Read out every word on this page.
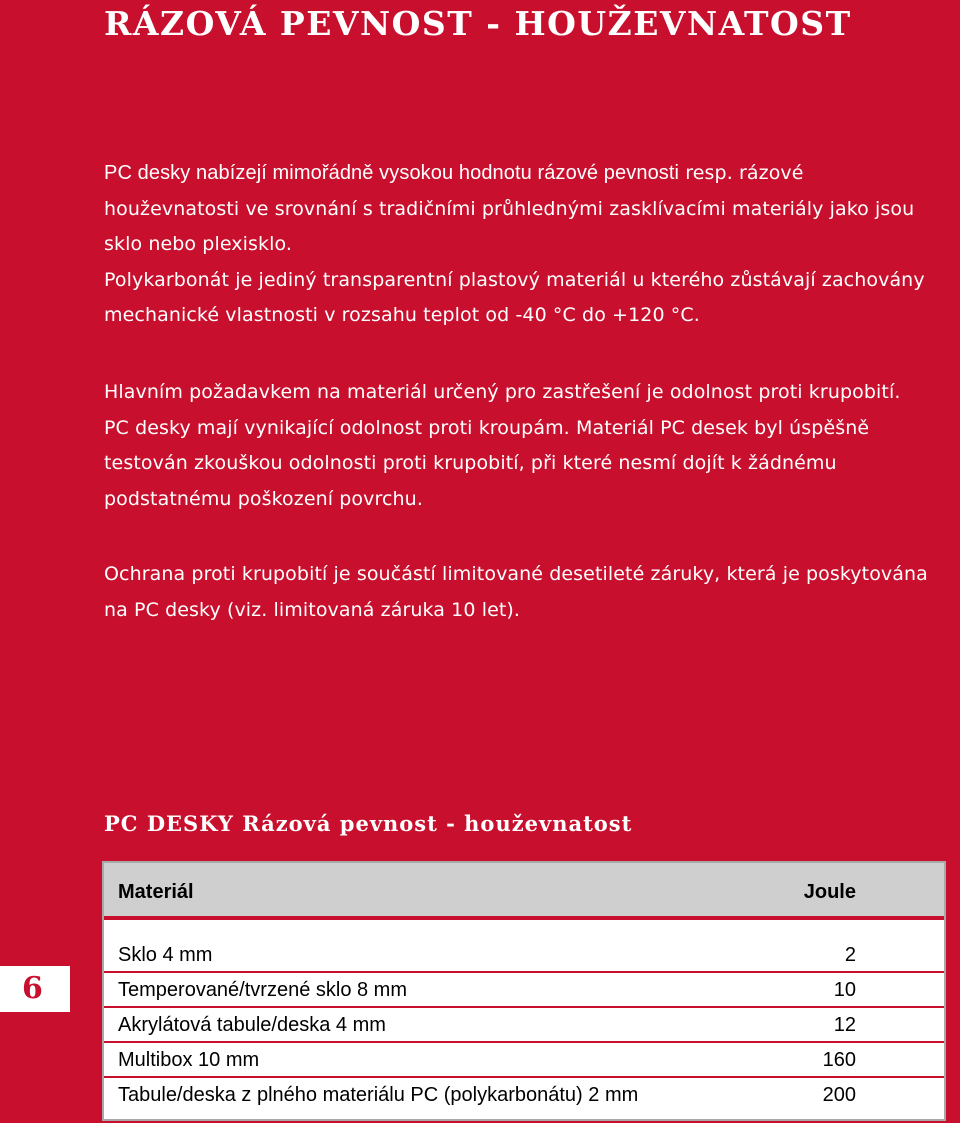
RÁZOVÁ PEVNOST - HOUŽEVNATOST

PC desky nabízejí mimořádně vysokou hodnotu rázové pevnosti resp. rázové houževnatosti ve srovnání s tradičními průhlednými zasklívacími materiály jako jsou sklo nebo plexisklo.

Polykarbonát je jediný transparentní plastový materiál u kterého zůstávají zachovány mechanické vlastnosti v rozsahu teplot od -40 °C do +120 °C.

Hlavním požadavkem na materiál určený pro zastřešení je odolnost proti krupobití. PC desky mají vynikající odolnost proti kroupám. Materiál PC desek byl úspěšně testován zkouškou odolnosti proti krupobití, při které nesmí dojít k žádnému podstatnému poškození povrchu.

Ochrana proti krupobití je součástí limitované desetileté záruky, která je poskytována na PC desky (viz. limitovaná záruka 10 let).

PC DESKY Rázová pevnost - houževnatost
Materiál	Joule
Sklo 4 mm	2
Temperované/tvrzené sklo 8 mm	10
Akrylátová tabule/deska 4 mm	12
Multibox 10 mm	160
Tabule/deska z plného materiálu PC (polykarbonátu) 2 mm	200
6
